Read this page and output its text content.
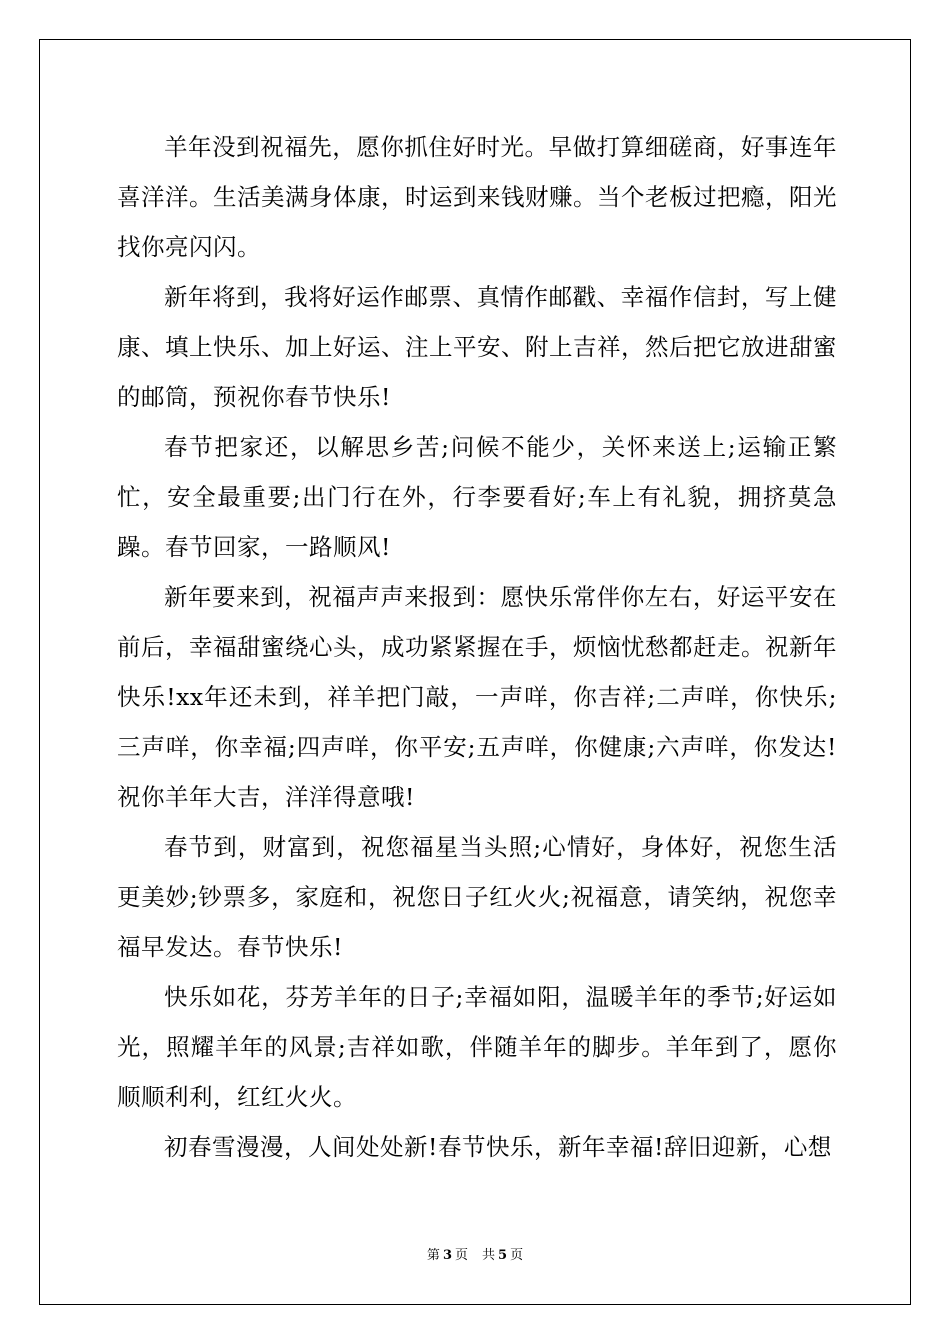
羊年没到祝福先，愿你抓住好时光。早做打算细磋商，好事连年喜洋洋。生活美满身体康，时运到来钱财赚。当个老板过把瘾，阳光找你亮闪闪。

新年将到，我将好运作邮票、真情作邮戳、幸福作信封，写上健康、填上快乐、加上好运、注上平安、附上吉祥，然后把它放进甜蜜的邮筒，预祝你春节快乐!

春节把家还，以解思乡苦;问候不能少，关怀来送上;运输正繁忙，安全最重要;出门行在外，行李要看好;车上有礼貌，拥挤莫急躁。春节回家，一路顺风!

新年要来到，祝福声声来报到：愿快乐常伴你左右，好运平安在前后，幸福甜蜜绕心头，成功紧紧握在手，烦恼忧愁都赶走。祝新年快乐!xx年还未到，祥羊把门敲，一声咩，你吉祥;二声咩，你快乐;三声咩，你幸福;四声咩，你平安;五声咩，你健康;六声咩，你发达!祝你羊年大吉，洋洋得意哦!

春节到，财富到，祝您福星当头照;心情好，身体好，祝您生活更美妙;钞票多，家庭和，祝您日子红火火;祝福意，请笑纳，祝您幸福早发达。春节快乐!

快乐如花，芬芳羊年的日子;幸福如阳，温暖羊年的季节;好运如光，照耀羊年的风景;吉祥如歌，伴随羊年的脚步。羊年到了，愿你顺顺利利，红红火火。

初春雪漫漫，人间处处新!春节快乐，新年幸福!辞旧迎新，心想

第 3 页 共 5 页
